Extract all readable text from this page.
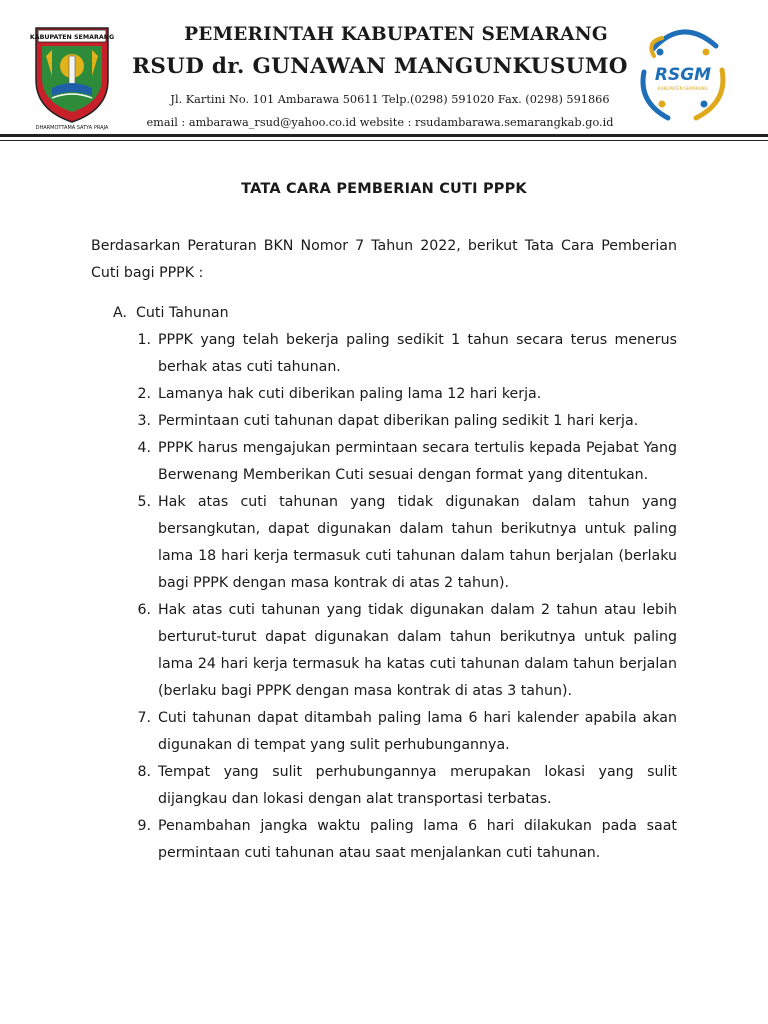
KABUPATEN SEMARANG
DHARMOTTAMA SATYA PRAJA
PEMERINTAH KABUPATEN SEMARANG
RSUD dr. GUNAWAN MANGUNKUSUMO
Jl. Kartini No. 101 Ambarawa 50611 Telp.(0298) 591020 Fax. (0298) 591866
email : ambarawa_rsud@yahoo.co.id website : rsudambarawa.semarangkab.go.id
RSGM
KABUPATEN SEMARANG
TATA CARA PEMBERIAN CUTI PPPK

Berdasarkan Peraturan BKN Nomor 7 Tahun 2022, berikut Tata Cara Pemberian Cuti bagi PPPK :

A. Cuti Tahunan
1. PPPK yang telah bekerja paling sedikit 1 tahun secara terus menerus berhak atas cuti tahunan.
2. Lamanya hak cuti diberikan paling lama 12 hari kerja.
3. Permintaan cuti tahunan dapat diberikan paling sedikit 1 hari kerja.
4. PPPK harus mengajukan permintaan secara tertulis kepada Pejabat Yang Berwenang Memberikan Cuti sesuai dengan format yang ditentukan.
5. Hak atas cuti tahunan yang tidak digunakan dalam tahun yang bersangkutan, dapat digunakan dalam tahun berikutnya untuk paling lama 18 hari kerja termasuk cuti tahunan dalam tahun berjalan (berlaku bagi PPPK dengan masa kontrak di atas 2 tahun).
6. Hak atas cuti tahunan yang tidak digunakan dalam 2 tahun atau lebih berturut-turut dapat digunakan dalam tahun berikutnya untuk paling lama 24 hari kerja termasuk ha katas cuti tahunan dalam tahun berjalan (berlaku bagi PPPK dengan masa kontrak di atas 3 tahun).
7. Cuti tahunan dapat ditambah paling lama 6 hari kalender apabila akan digunakan di tempat yang sulit perhubungannya.
8. Tempat yang sulit perhubungannya merupakan lokasi yang sulit dijangkau dan lokasi dengan alat transportasi terbatas.
9. Penambahan jangka waktu paling lama 6 hari dilakukan pada saat permintaan cuti tahunan atau saat menjalankan cuti tahunan.
